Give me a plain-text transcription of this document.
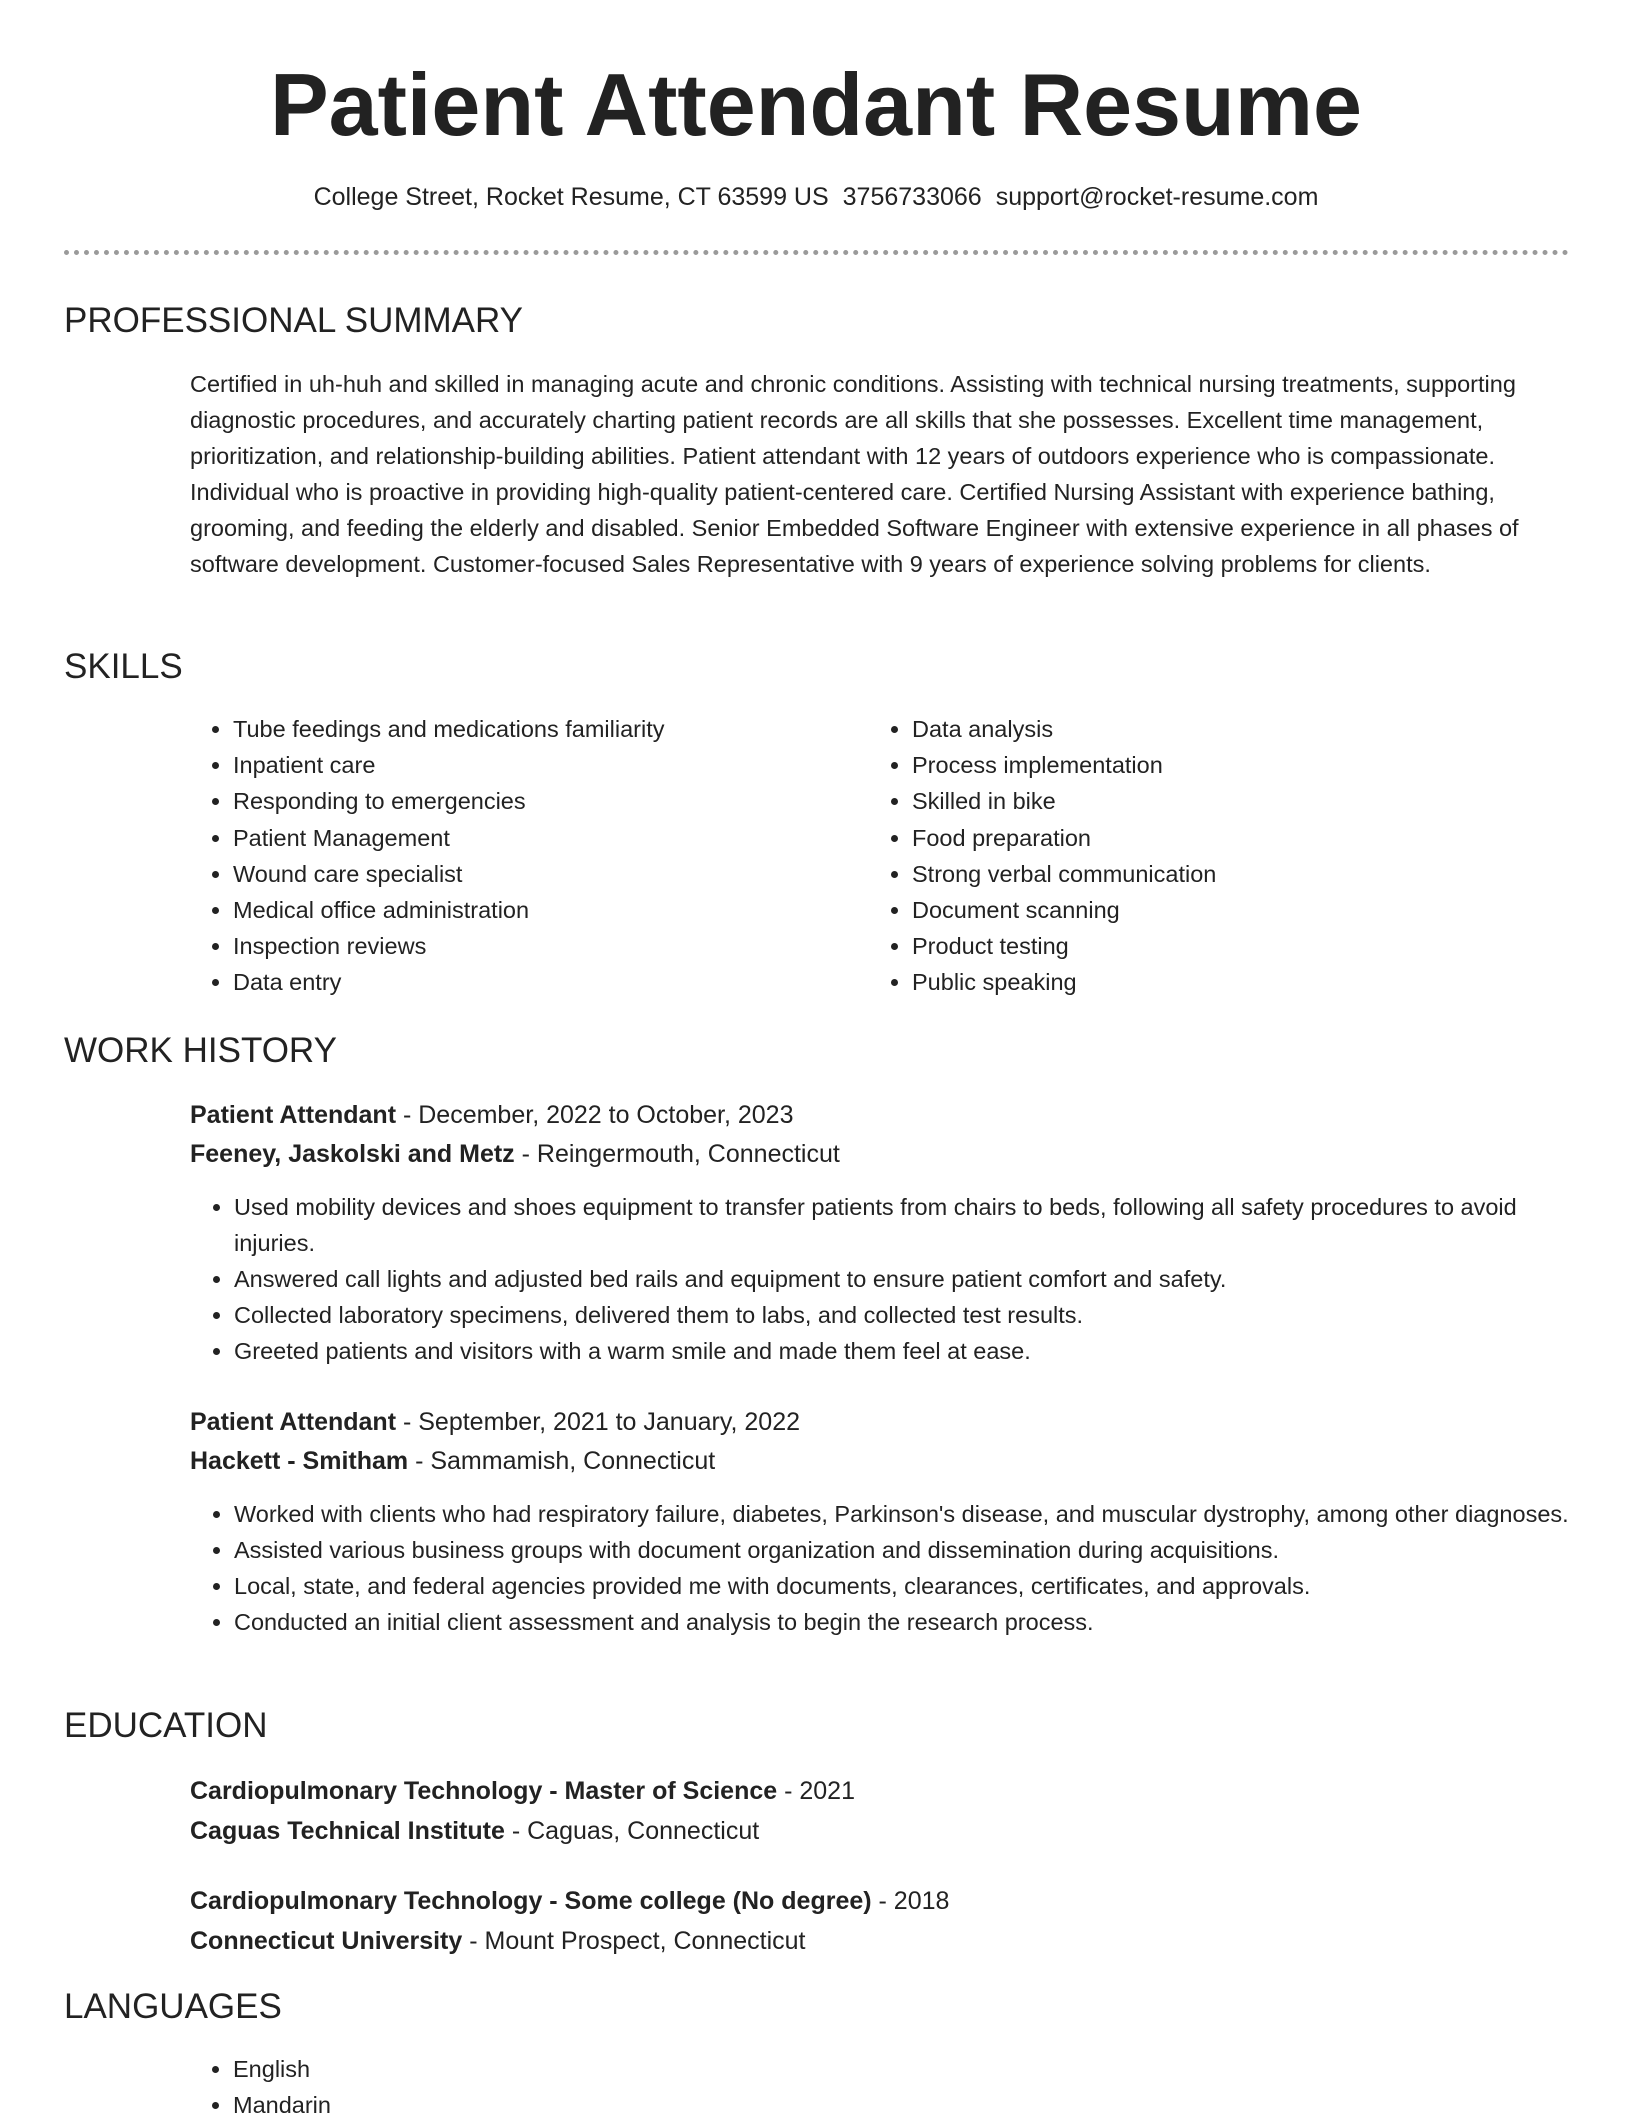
Patient Attendant Resume
College Street, Rocket Resume, CT 63599 US 3756733066 support@rocket-resume.com
PROFESSIONAL SUMMARY

Certified in uh-huh and skilled in managing acute and chronic conditions. Assisting with technical nursing treatments, supporting diagnostic procedures, and accurately charting patient records are all skills that she possesses. Excellent time management, prioritization, and relationship-building abilities. Patient attendant with 12 years of outdoors experience who is compassionate. Individual who is proactive in providing high-quality patient-centered care. Certified Nursing Assistant with experience bathing, grooming, and feeding the elderly and disabled. Senior Embedded Software Engineer with extensive experience in all phases of software development. Customer-focused Sales Representative with 9 years of experience solving problems for clients.

SKILLS
• Tube feedings and medications familiarity
• Inpatient care
• Responding to emergencies
• Patient Management
• Wound care specialist
• Medical office administration
• Inspection reviews
• Data entry
• Data analysis
• Process implementation
• Skilled in bike
• Food preparation
• Strong verbal communication
• Document scanning
• Product testing
• Public speaking
WORK HISTORY
Patient Attendant - December, 2022 to October, 2023
Feeney, Jaskolski and Metz - Reingermouth, Connecticut
• Used mobility devices and shoes equipment to transfer patients from chairs to beds, following all safety procedures to avoid injuries.
• Answered call lights and adjusted bed rails and equipment to ensure patient comfort and safety.
• Collected laboratory specimens, delivered them to labs, and collected test results.
• Greeted patients and visitors with a warm smile and made them feel at ease.
Patient Attendant - September, 2021 to January, 2022
Hackett - Smitham - Sammamish, Connecticut
• Worked with clients who had respiratory failure, diabetes, Parkinson's disease, and muscular dystrophy, among other diagnoses.
• Assisted various business groups with document organization and dissemination during acquisitions.
• Local, state, and federal agencies provided me with documents, clearances, certificates, and approvals.
• Conducted an initial client assessment and analysis to begin the research process.
EDUCATION
Cardiopulmonary Technology - Master of Science - 2021
Caguas Technical Institute - Caguas, Connecticut
Cardiopulmonary Technology - Some college (No degree) - 2018
Connecticut University - Mount Prospect, Connecticut
LANGUAGES
• English
• Mandarin
